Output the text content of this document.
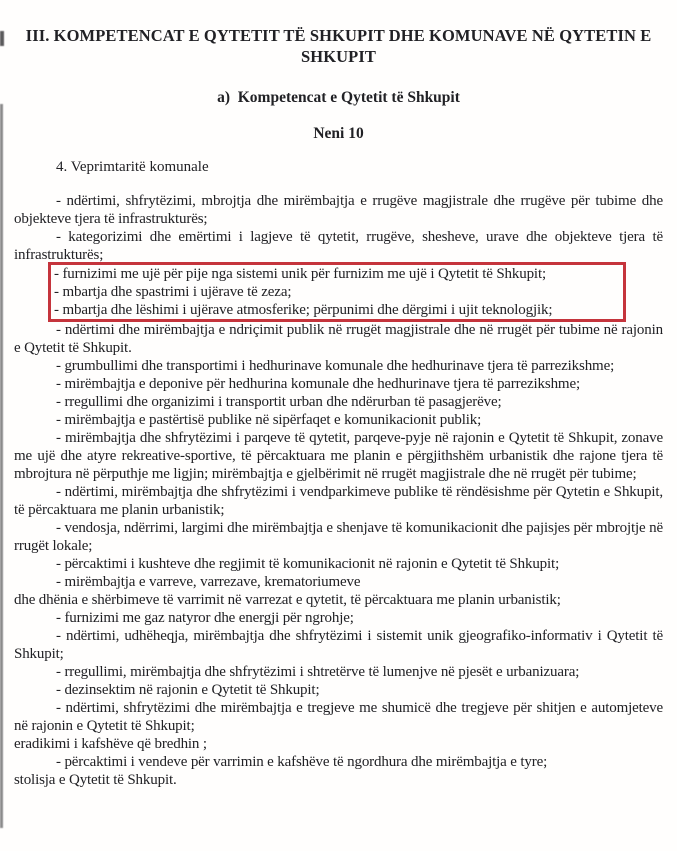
III. KOMPETENCAT E QYTETIT TË SHKUPIT DHE KOMUNAVE NË QYTETIN E SHKUPIT
a)  Kompetencat e Qytetit të Shkupit
Neni 10

4. Veprimtaritë komunale

- ndërtimi, shfrytëzimi, mbrojtja dhe mirëmbajtja e rrugëve magjistrale dhe rrugëve për tubime dhe objekteve tjera të infrastrukturës;

- kategorizimi dhe emërtimi i lagjeve të qytetit, rrugëve, shesheve, urave dhe objekteve tjera të infrastrukturës;

- furnizimi me ujë për pije nga sistemi unik për furnizim me ujë i Qytetit të Shkupit;

- mbartja dhe spastrimi i ujërave të zeza;

- mbartja dhe lëshimi i ujërave atmosferike; përpunimi dhe dërgimi i ujit teknologjik;

- ndërtimi dhe mirëmbajtja e ndriçimit publik në rrugët magjistrale dhe në rrugët për tubime në rajonin e Qytetit të Shkupit.

- grumbullimi dhe transportimi i hedhurinave komunale dhe hedhurinave tjera të parrezikshme;

- mirëmbajtja e deponive për hedhurina komunale dhe hedhurinave tjera të parrezikshme;

- rregullimi dhe organizimi i transportit urban dhe ndërurban të pasagjerëve;

- mirëmbajtja e pastërtisë publike në sipërfaqet e komunikacionit publik;

- mirëmbajtja dhe shfrytëzimi i parqeve të qytetit, parqeve-pyje në rajonin e Qytetit të Shkupit, zonave me ujë dhe atyre rekreative-sportive, të përcaktuara me planin e përgjithshëm urbanistik dhe rajone tjera të mbrojtura në përputhje me ligjin; mirëmbajtja e gjelbërimit në rrugët magjistrale dhe në rrugët për tubime;

- ndërtimi, mirëmbajtja dhe shfrytëzimi i vendparkimeve publike të rëndësishme për Qytetin e Shkupit, të përcaktuara me planin urbanistik;

- vendosja, ndërrimi, largimi dhe mirëmbajtja e shenjave të komunikacionit dhe pajisjes për mbrojtje në rrugët lokale;

- përcaktimi i kushteve dhe regjimit të komunikacionit në rajonin e Qytetit të Shkupit;

- mirëmbajtja e varreve, varrezave, krematoriumeve

dhe dhënia e shërbimeve të varrimit në varrezat e qytetit, të përcaktuara me planin urbanistik;

- furnizimi me gaz natyror dhe energji për ngrohje;

- ndërtimi, udhëheqja, mirëmbajtja dhe shfrytëzimi i sistemit unik gjeografiko-informativ i Qytetit të Shkupit;

- rregullimi, mirëmbajtja dhe shfrytëzimi i shtretërve të lumenjve në pjesët e urbanizuara;

- dezinsektim në rajonin e Qytetit të Shkupit;

- ndërtimi, shfrytëzimi dhe mirëmbajtja e tregjeve me shumicë dhe tregjeve për shitjen e automjeteve në rajonin e Qytetit të Shkupit;

eradikimi i kafshëve që bredhin ;

- përcaktimi i vendeve për varrimin e kafshëve të ngordhura dhe mirëmbajtja e tyre;

stolisja e Qytetit të Shkupit.
